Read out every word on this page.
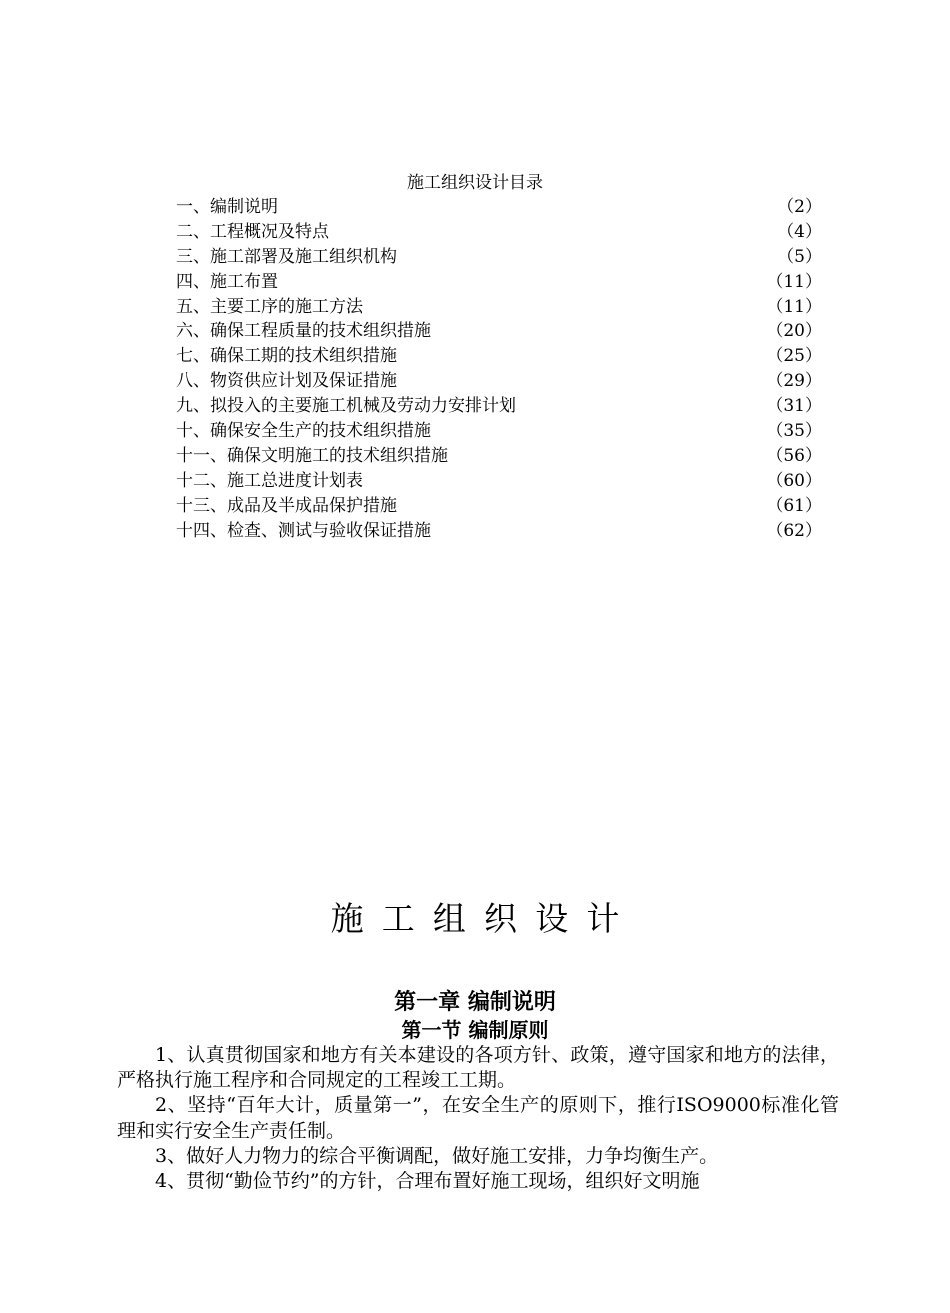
施工组织设计目录
一、编制说明	（2）
二、工程概况及特点	（4）
三、施工部署及施工组织机构	（5）
四、施工布置	（11）
五、主要工序的施工方法	（11）
六、确保工程质量的技术组织措施	（20）
七、确保工期的技术组织措施	（25）
八、物资供应计划及保证措施	（29）
九、拟投入的主要施工机械及劳动力安排计划	（31）
十、确保安全生产的技术组织措施	（35）
十一、确保文明施工的技术组织措施	（56）
十二、施工总进度计划表	（60）
十三、成品及半成品保护措施	（61）
十四、检查、测试与验收保证措施	（62）
施工组织设计
第一章 编制说明
第一节 编制原则

1、认真贯彻国家和地方有关本建设的各项方针、政策，遵守国家和地方的法律，严格执行施工程序和合同规定的工程竣工工期。

2、坚持“百年大计，质量第一”，在安全生产的原则下，推行ISO9000标准化管理和实行安全生产责任制。

3、做好人力物力的综合平衡调配，做好施工安排，力争均衡生产。

4、贯彻“勤俭节约”的方针，合理布置好施工现场，组织好文明施
